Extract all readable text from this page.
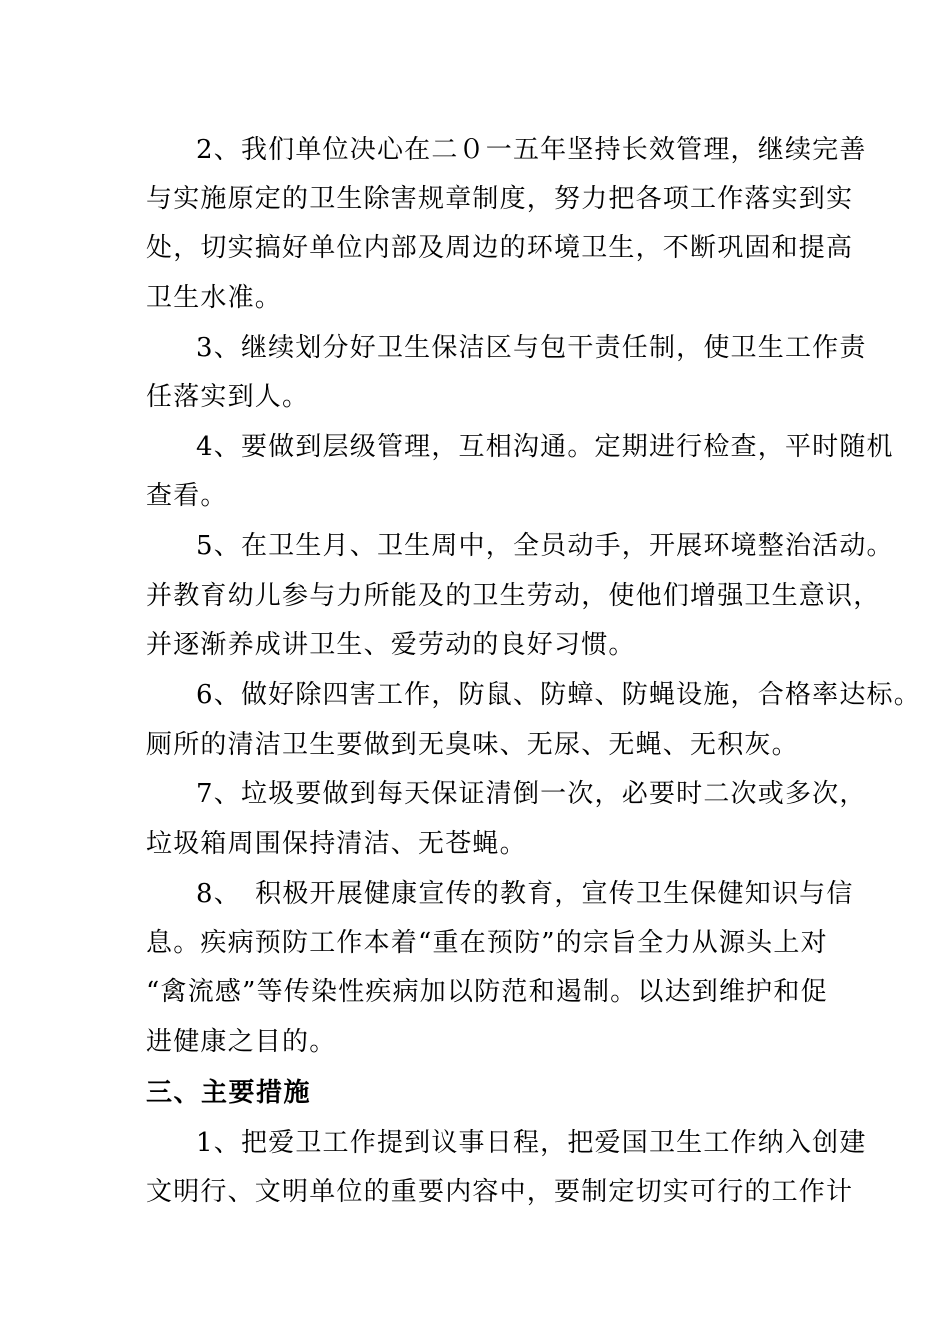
2、我们单位决心在二０一五年坚持长效管理，继续完善
与实施原定的卫生除害规章制度，努力把各项工作落实到实
处，切实搞好单位内部及周边的环境卫生，不断巩固和提高
卫生水准。
3、继续划分好卫生保洁区与包干责任制，使卫生工作责
任落实到人。
4、要做到层级管理，互相沟通。定期进行检查，平时随机
查看。
5、在卫生月、卫生周中，全员动手，开展环境整治活动。
并教育幼儿参与力所能及的卫生劳动，使他们增强卫生意识，
并逐渐养成讲卫生、爱劳动的良好习惯。
6、做好除四害工作，防鼠、防蟑、防蝇设施，合格率达标。
厕所的清洁卫生要做到无臭味、无尿、无蝇、无积灰。
7、垃圾要做到每天保证清倒一次，必要时二次或多次，
垃圾箱周围保持清洁、无苍蝇。
8、　积极开展健康宣传的教育，宣传卫生保健知识与信
息。疾病预防工作本着“重在预防”的宗旨全力从源头上对
“禽流感”等传染性疾病加以防范和遏制。以达到维护和促
进健康之目的。
三、主要措施
1、把爱卫工作提到议事日程，把爱国卫生工作纳入创建
文明行、文明单位的重要内容中，要制定切实可行的工作计
